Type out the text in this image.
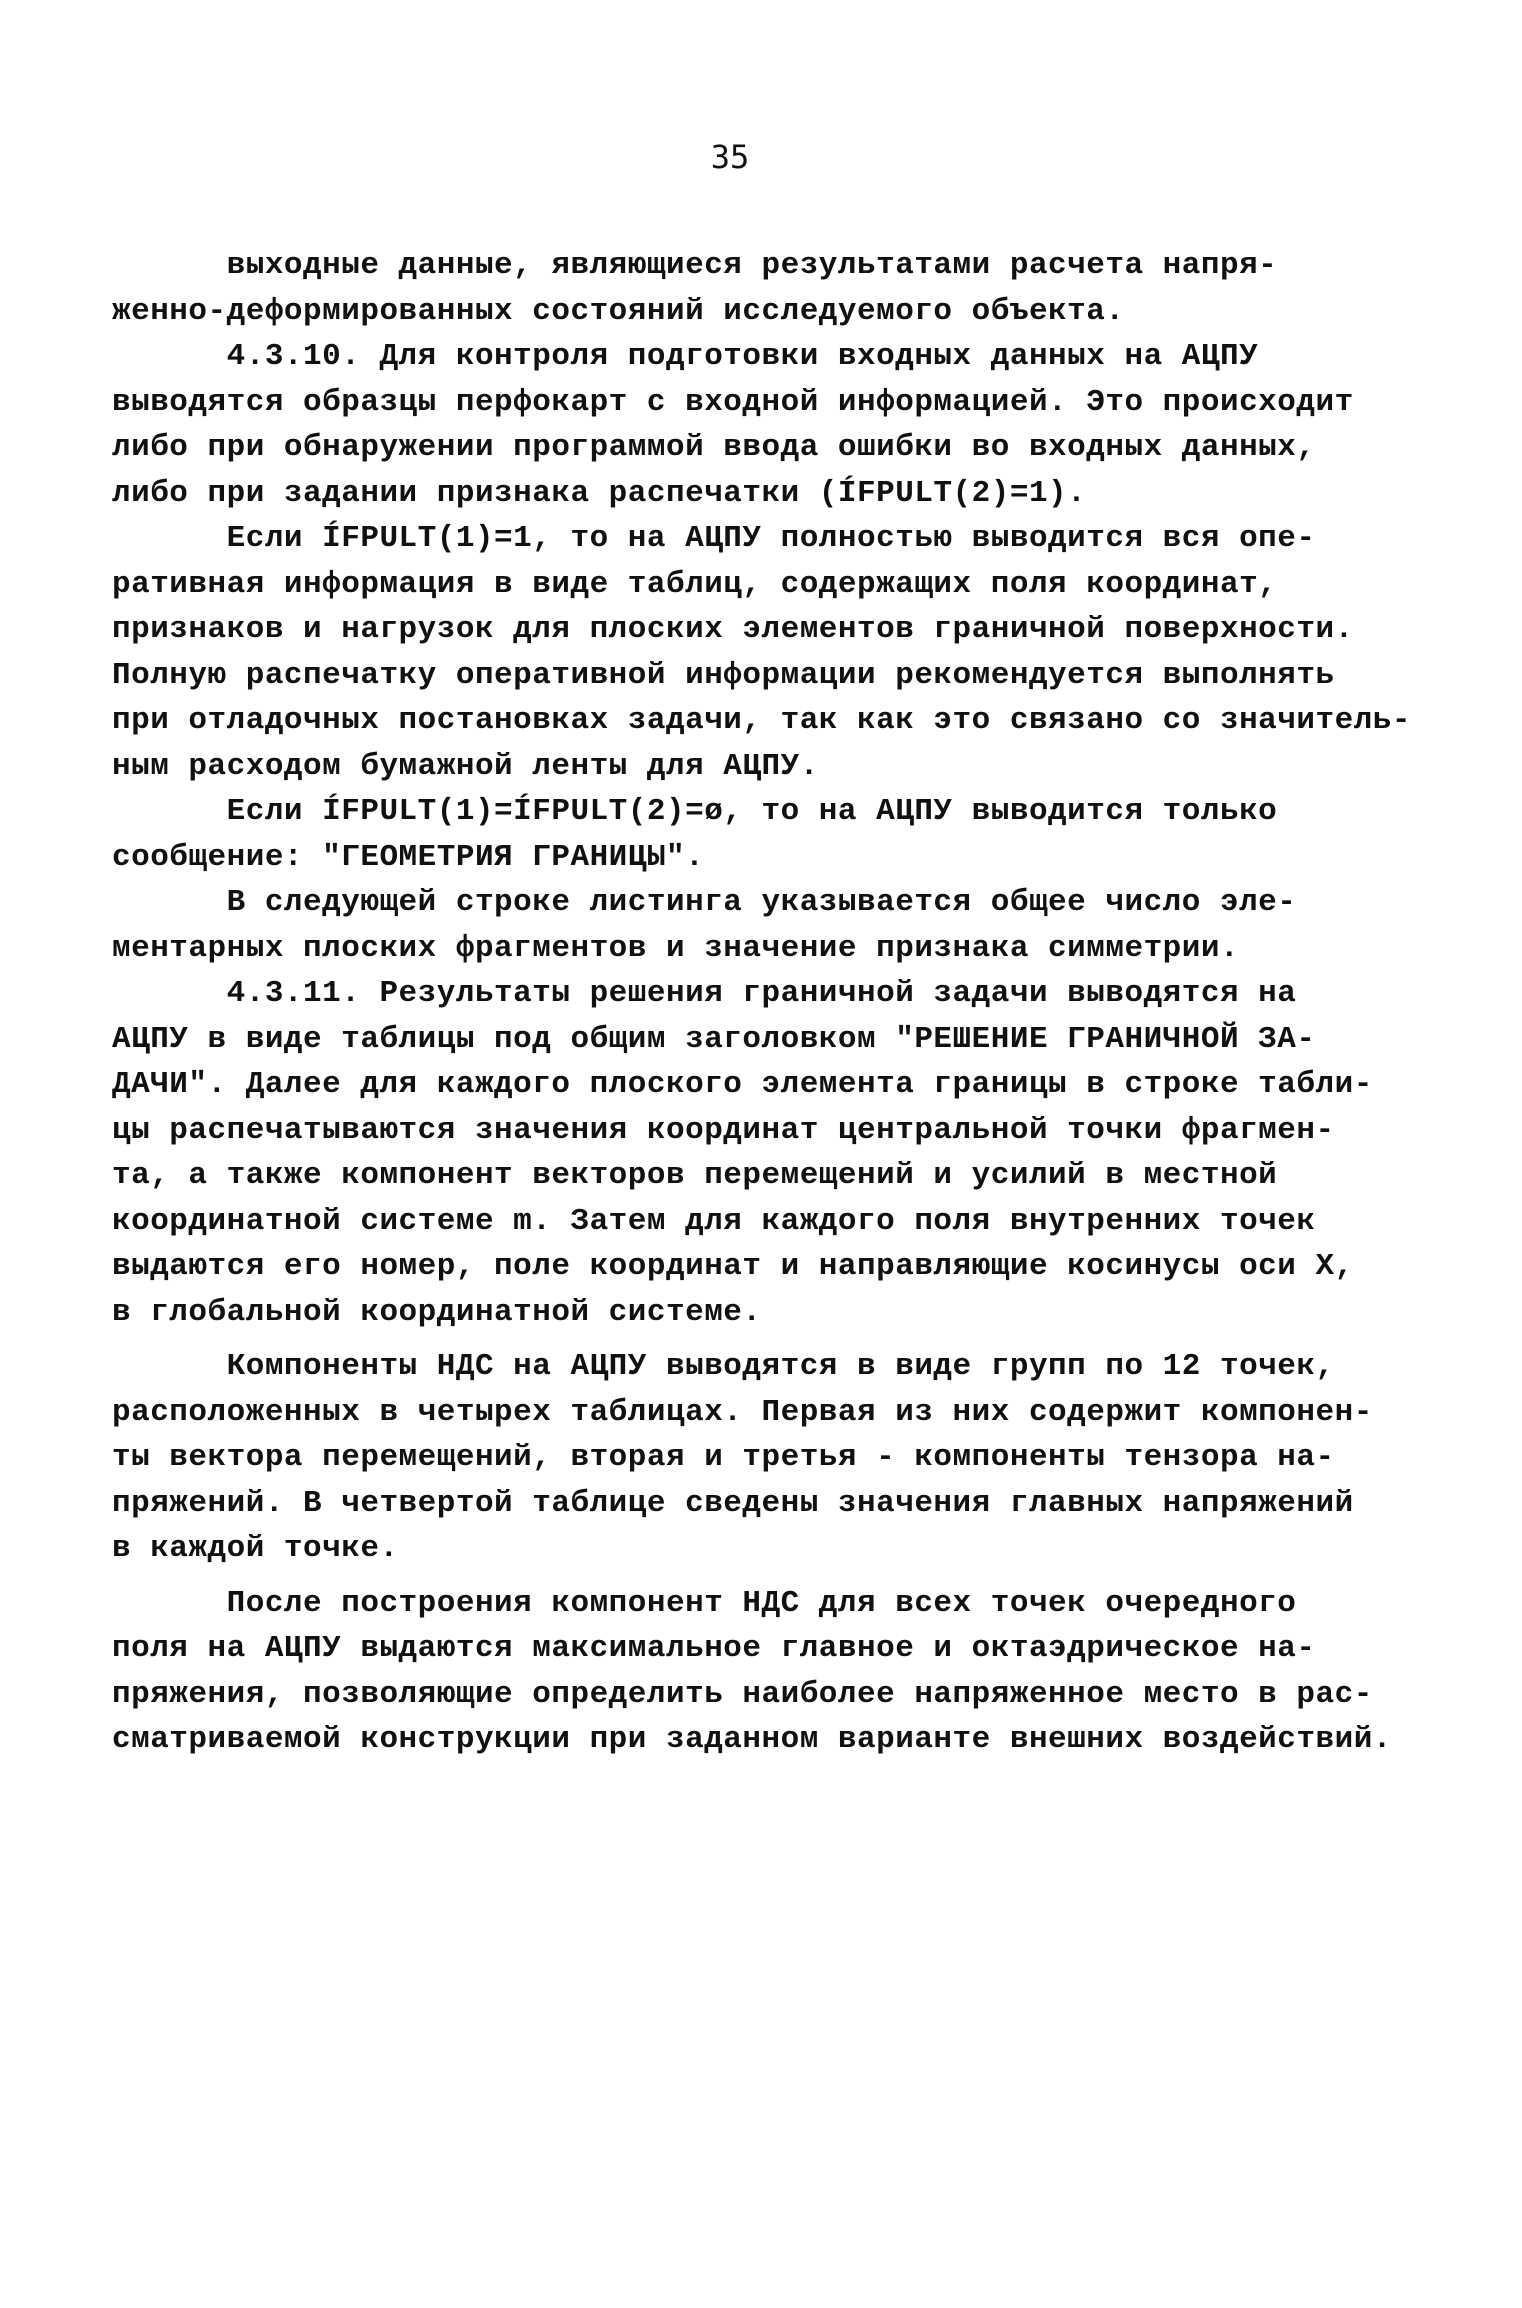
35
выходные данные, являющиеся результатами расчета напря-
женно-деформированных состояний исследуемого объекта.
4.3.10. Для контроля подготовки входных данных на АЦПУ
выводятся образцы перфокарт с входной информацией. Это происходит
либо при обнаружении программой ввода ошибки во входных данных,
либо при задании признака распечатки (ÍFPULT(2)=1).
Если ÍFPULT(1)=1, то на АЦПУ полностью выводится вся опе-
ративная информация в виде таблиц, содержащих поля координат,
признаков и нагрузок для плоских элементов граничной поверхности.
Полную распечатку оперативной информации рекомендуется выполнять
при отладочных постановках задачи, так как это связано со значитель-
ным расходом бумажной ленты для АЦПУ.
Если ÍFPULT(1)=ÍFPULT(2)=ø, то на АЦПУ выводится только
сообщение: "ГЕОМЕТРИЯ ГРАНИЦЫ".
В следующей строке листинга указывается общее число эле-
ментарных плоских фрагментов и значение признака симметрии.
4.3.11. Результаты решения граничной задачи выводятся на
АЦПУ в виде таблицы под общим заголовком "РЕШЕНИЕ ГРАНИЧНОЙ ЗА-
ДАЧИ". Далее для каждого плоского элемента границы в строке табли-
цы распечатываются значения координат центральной точки фрагмен-
та, а также компонент векторов перемещений и усилий в местной
координатной системе m. Затем для каждого поля внутренних точек
выдаются его номер, поле координат и направляющие косинусы оси X,
в глобальной координатной системе.
Компоненты НДС на АЦПУ выводятся в виде групп по 12 точек,
расположенных в четырех таблицах. Первая из них содержит компонен-
ты вектора перемещений, вторая и третья - компоненты тензора на-
пряжений. В четвертой таблице сведены значения главных напряжений
в каждой точке.
После построения компонент НДС для всех точек очередного
поля на АЦПУ выдаются максимальное главное и октаэдрическое на-
пряжения, позволяющие определить наиболее напряженное место в рас-
сматриваемой конструкции при заданном варианте внешних воздействий.
